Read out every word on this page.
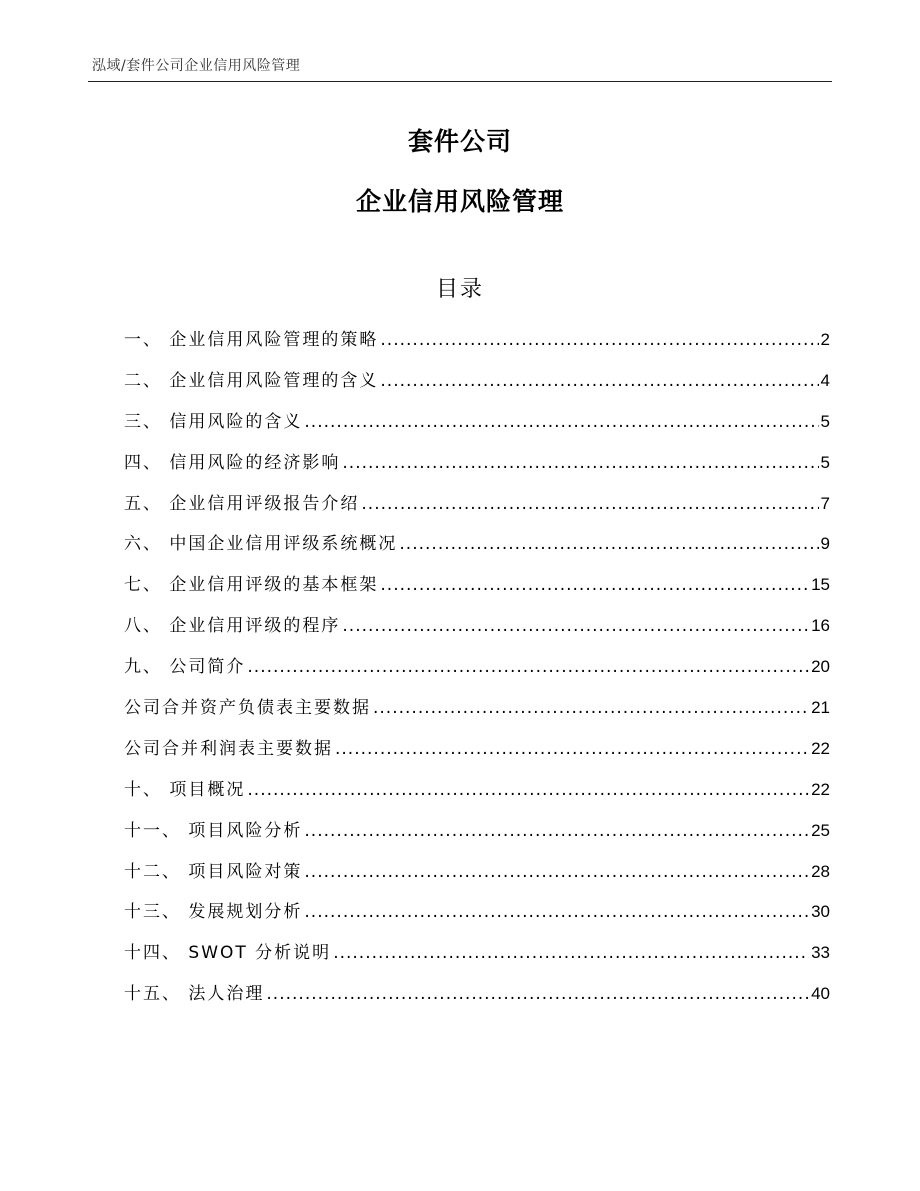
泓域/套件公司企业信用风险管理
套件公司
企业信用风险管理
目录
一、 企业信用风险管理的策略 .....	2
二、 企业信用风险管理的含义 .....	4
三、 信用风险的含义 .....	5
四、 信用风险的经济影响 .....	5
五、 企业信用评级报告介绍 .....	7
六、 中国企业信用评级系统概况 .....	9
七、 企业信用评级的基本框架 .....	15
八、 企业信用评级的程序 .....	16
九、 公司简介 .....	20
公司合并资产负债表主要数据 .....	21
公司合并利润表主要数据 .....	22
十、 项目概况 .....	22
十一、 项目风险分析 .....	25
十二、 项目风险对策 .....	28
十三、 发展规划分析 .....	30
十四、 SWOT 分析说明 .....	33
十五、 法人治理 .....	40
